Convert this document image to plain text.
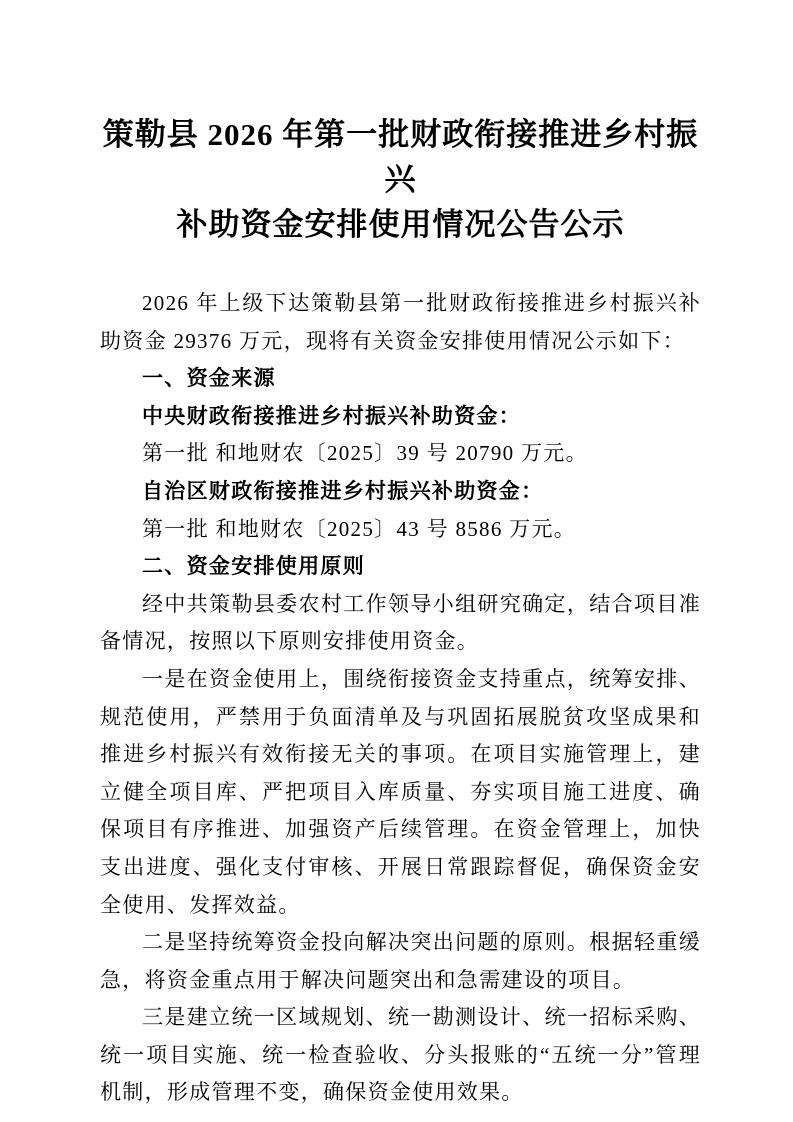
策勒县 2026 年第一批财政衔接推进乡村振兴
补助资金安排使用情况公告公示

2026 年上级下达策勒县第一批财政衔接推进乡村振兴补助资金 29376 万元，现将有关资金安排使用情况公示如下：

一、资金来源

中央财政衔接推进乡村振兴补助资金：

第一批 和地财农〔2025〕39 号 20790 万元。

自治区财政衔接推进乡村振兴补助资金：

第一批 和地财农〔2025〕43 号 8586 万元。

二、资金安排使用原则

经中共策勒县委农村工作领导小组研究确定，结合项目准备情况，按照以下原则安排使用资金。

一是在资金使用上，围绕衔接资金支持重点，统筹安排、规范使用，严禁用于负面清单及与巩固拓展脱贫攻坚成果和推进乡村振兴有效衔接无关的事项。在项目实施管理上，建立健全项目库、严把项目入库质量、夯实项目施工进度、确保项目有序推进、加强资产后续管理。在资金管理上，加快支出进度、强化支付审核、开展日常跟踪督促，确保资金安全使用、发挥效益。

二是坚持统筹资金投向解决突出问题的原则。根据轻重缓急，将资金重点用于解决问题突出和急需建设的项目。

三是建立统一区域规划、统一勘测设计、统一招标采购、统一项目实施、统一检查验收、分头报账的“五统一分”管理机制，形成管理不变，确保资金使用效果。
